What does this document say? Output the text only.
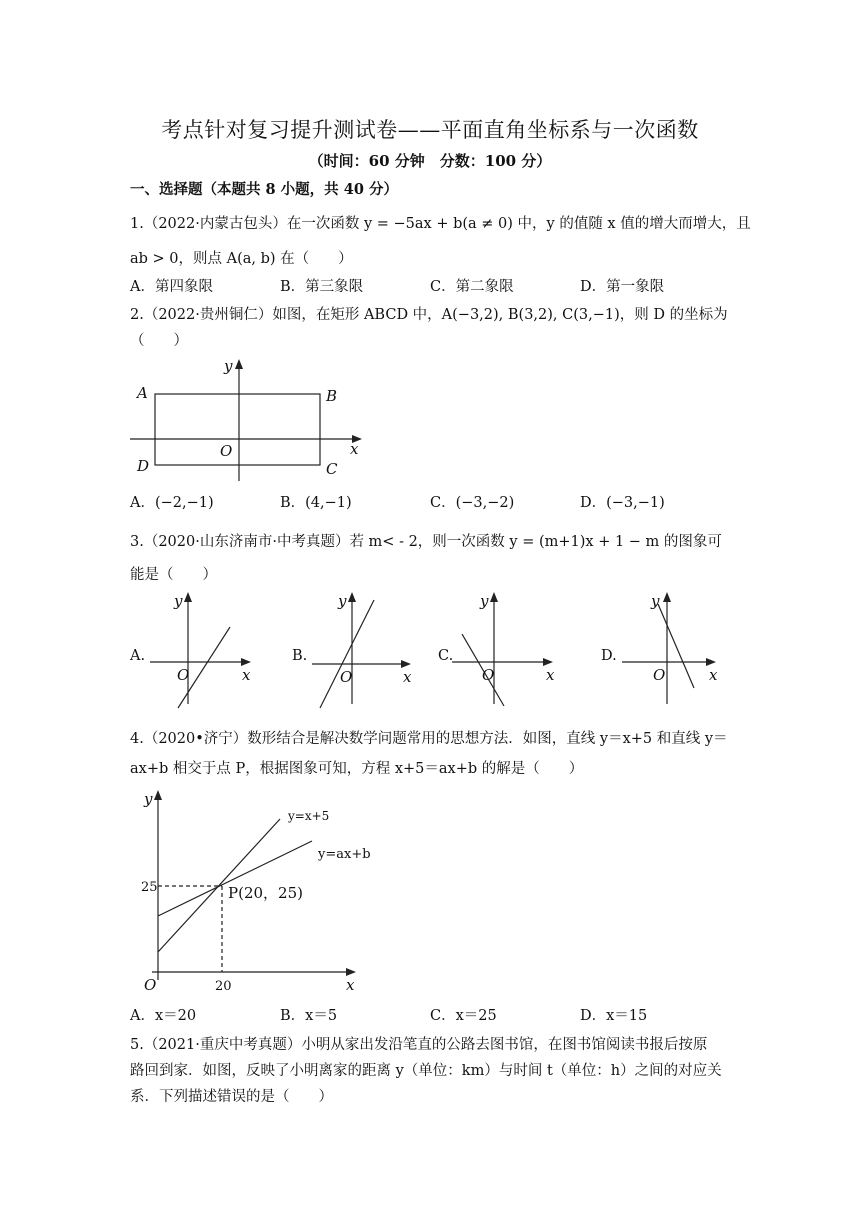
考点针对复习提升测试卷——平面直角坐标系与一次函数
（时间：60 分钟　分数：100 分）
一、选择题（本题共 8 小题，共 40 分）
1.（2022·内蒙古包头）在一次函数 y = −5ax + b(a ≠ 0) 中，y 的值随 x 值的增大而增大，且
ab > 0，则点 A(a, b) 在（　　）
A．第四象限	B．第三象限	C．第二象限	D．第一象限
2.（2022·贵州铜仁）如图，在矩形 ABCD 中，A(−3,2), B(3,2), C(3,−1)，则 D 的坐标为
（　　）
A	B
C
D
O	x
y
A．(−2,−1)	B．(4,−1)	C．(−3,−2)	D．(−3,−1)
3.（2020·山东济南市·中考真题）若 m< - 2，则一次函数 y = (m+1)x + 1 − m 的图象可
能是（　　）
A.	B.	C.	D.
y
x
O
y
x
O
y
x
O
y
x
O
4.（2020•济宁）数形结合是解决数学问题常用的思想方法．如图，直线 y＝x+5 和直线 y＝
ax+b 相交于点 P，根据图象可知，方程 x+5＝ax+b 的解是（　　）
y=x+5
y=ax+b
P(20，25)
25
20
y
x
O
A．x＝20	B．x＝5	C．x＝25	D．x＝15
5.（2021·重庆中考真题）小明从家出发沿笔直的公路去图书馆，在图书馆阅读书报后按原
路回到家．如图，反映了小明离家的距离 y（单位：km）与时间 t（单位：h）之间的对应关
系．下列描述错误的是（　　）
